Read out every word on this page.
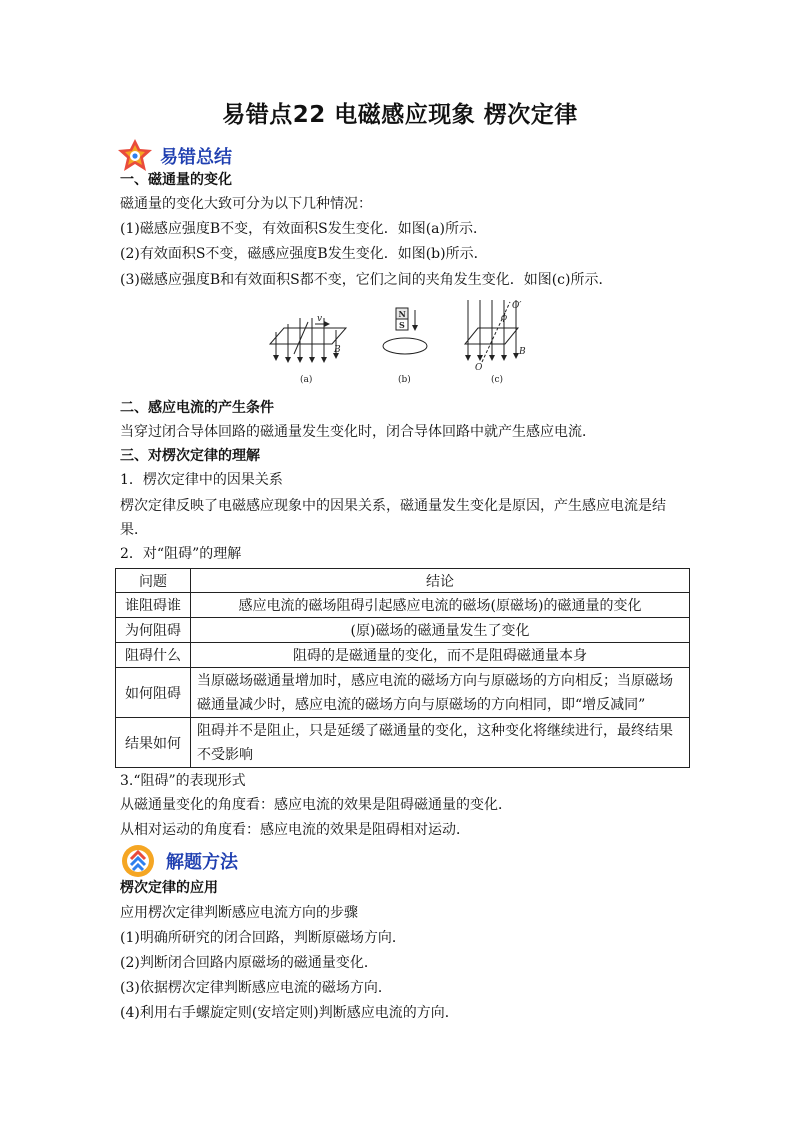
易错点22 电磁感应现象 楞次定律
易错总结
一、磁通量的变化
磁通量的变化大致可分为以下几种情况：
(1)磁感应强度B不变，有效面积S发生变化．如图(a)所示．
(2)有效面积S不变，磁感应强度B发生变化．如图(b)所示．
(3)磁感应强度B和有效面积S都不变，它们之间的夹角发生变化．如图(c)所示．
v
B
(a)
N
S
(b)
O′
ϕ
B
O
(c)
二、感应电流的产生条件
当穿过闭合导体回路的磁通量发生变化时，闭合导体回路中就产生感应电流．
三、对楞次定律的理解
1．楞次定律中的因果关系
楞次定律反映了电磁感应现象中的因果关系，磁通量发生变化是原因，产生感应电流是结果．
2．对“阻碍”的理解
问题	结论
谁阻碍谁	感应电流的磁场阻碍引起感应电流的磁场(原磁场)的磁通量的变化
为何阻碍	(原)磁场的磁通量发生了变化
阻碍什么	阻碍的是磁通量的变化，而不是阻碍磁通量本身
如何阻碍	当原磁场磁通量增加时，感应电流的磁场方向与原磁场的方向相反；当原磁场磁通量减少时，感应电流的磁场方向与原磁场的方向相同，即“增反减同”
结果如何	阻碍并不是阻止，只是延缓了磁通量的变化，这种变化将继续进行，最终结果不受影响
3.“阻碍”的表现形式
从磁通量变化的角度看：感应电流的效果是阻碍磁通量的变化．
从相对运动的角度看：感应电流的效果是阻碍相对运动．
解题方法
楞次定律的应用
应用楞次定律判断感应电流方向的步骤
(1)明确所研究的闭合回路，判断原磁场方向．
(2)判断闭合回路内原磁场的磁通量变化．
(3)依据楞次定律判断感应电流的磁场方向．
(4)利用右手螺旋定则(安培定则)判断感应电流的方向．
